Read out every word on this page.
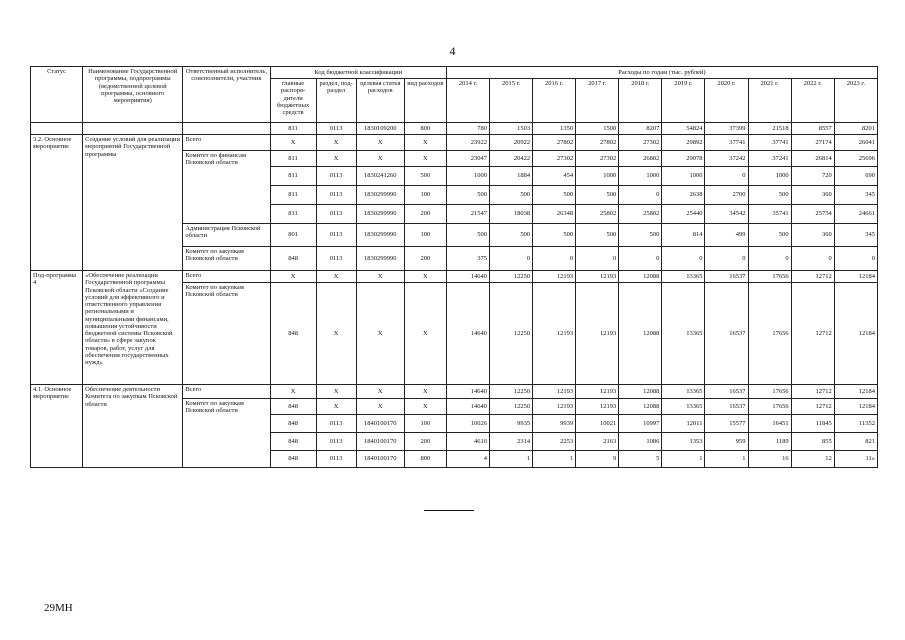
4
Статус	Наименование Государственной программы, подпрограммы (ведомственной целевой программы, основного мероприятия)	Ответственный исполнитель, соисполнители, участник	Код бюджетной классификации				Расходы по годам (тыс. рублей)									
			главные распоря-дители бюджетных средств	раздел, под-раздел	целевая статья расходов	вид расходов	2014 г.	2015 г.	2016 г.	2017 г.	2018 г.	2019 г.	2020 г.	2021 г.	2022 г.	2023 г.
			811	0113	1830109200	800	780	1503	1350	1500	8207	54824	37399	21518	8557	8201
3.2. Основное мероприятие	Создание условий для реализации мероприятий Государственной программы	Всего	Х	Х	Х	Х	23922	20922	27802	27802	27302	29892	37741	37741	27174	26041
		Комитет по финансам Псковской области	811	Х	Х	Х	23047	20422	27302	27302	26802	29078	37242	37241	26814	25696
			811	0113	1830241260	500	1000	1884	454	1000	1000	1000	0	1000	720	690
			811	0113	1830299990	100	500	500	500	500	0	2638	2700	500	360	345
			811	0113	1830299990	200	21547	18038	26348	25802	25802	25440	34542	35741	25734	24661
		Администрация Псковской области	801	0113	1830299990	100	500	500	500	500	500	814	499	500	360	345
		Комитет по закупкам Псковской области	848	0113	1830299990	200	375	0	0	0	0	0	0	0	0	0
Под-программа 4	«Обеспечение реализации Государственной программы Псковской области «Создание условий для эффективного и ответственного управления региональными и муниципальными финансами, повышения устойчивости бюджетной системы Псковской области» в сфере закупок товаров, работ, услуг для обеспечения государственных нужд»	Всего	Х	Х	Х	Х	14640	12250	12193	12193	12088	13365	16537	17656	12712	12184
		Комитет по закупкам Псковской области	848	Х	Х	Х	14640	12250	12193	12193	12088	13365	16537	17656	12712	12184
4.1. Основное мероприятие	Обеспечение деятельности Комитета по закупкам Псковской области	Всего	Х	Х	Х	Х	14640	12250	12193	12193	12088	13365	16537	17656	12712	12184
		Комитет по закупкам Псковской области	848	Х	Х	Х	14640	12250	12193	12193	12088	13365	16537	17656	12712	12184
			848	0113	1840100170	100	10026	9935	9939	10021	10997	12011	15577	16451	11845	11352
			848	0113	1840100170	200	4610	2314	2253	2163	1086	1353	959	1189	855	821
			848	0113	1840100170	800	4	1	1	9	5	1	1	16	12	11»
29МН
